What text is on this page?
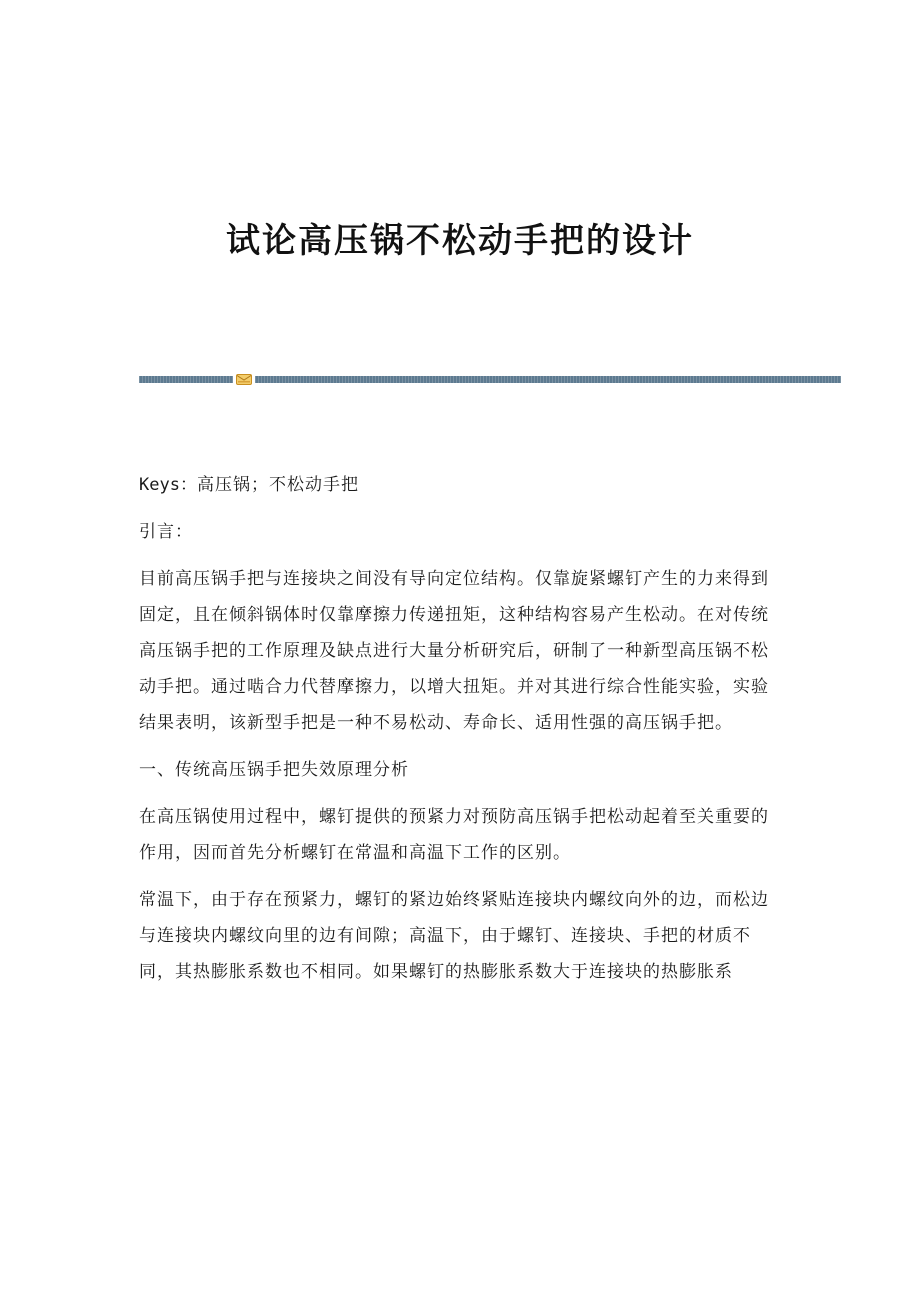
试论高压锅不松动手把的设计

Keys：高压锅；不松动手把

引言：

目前高压锅手把与连接块之间没有导向定位结构。仅靠旋紧螺钉产生的力来得到固定，且在倾斜锅体时仅靠摩擦力传递扭矩，这种结构容易产生松动。在对传统高压锅手把的工作原理及缺点进行大量分析研究后，研制了一种新型高压锅不松动手把。通过啮合力代替摩擦力，以增大扭矩。并对其进行综合性能实验，实验结果表明，该新型手把是一种不易松动、寿命长、适用性强的高压锅手把。

一、传统高压锅手把失效原理分析

在高压锅使用过程中，螺钉提供的预紧力对预防高压锅手把松动起着至关重要的作用，因而首先分析螺钉在常温和高温下工作的区别。

常温下，由于存在预紧力，螺钉的紧边始终紧贴连接块内螺纹向外的边，而松边与连接块内螺纹向里的边有间隙；高温下，由于螺钉、连接块、手把的材质不同，其热膨胀系数也不相同。如果螺钉的热膨胀系数大于连接块的热膨胀系
